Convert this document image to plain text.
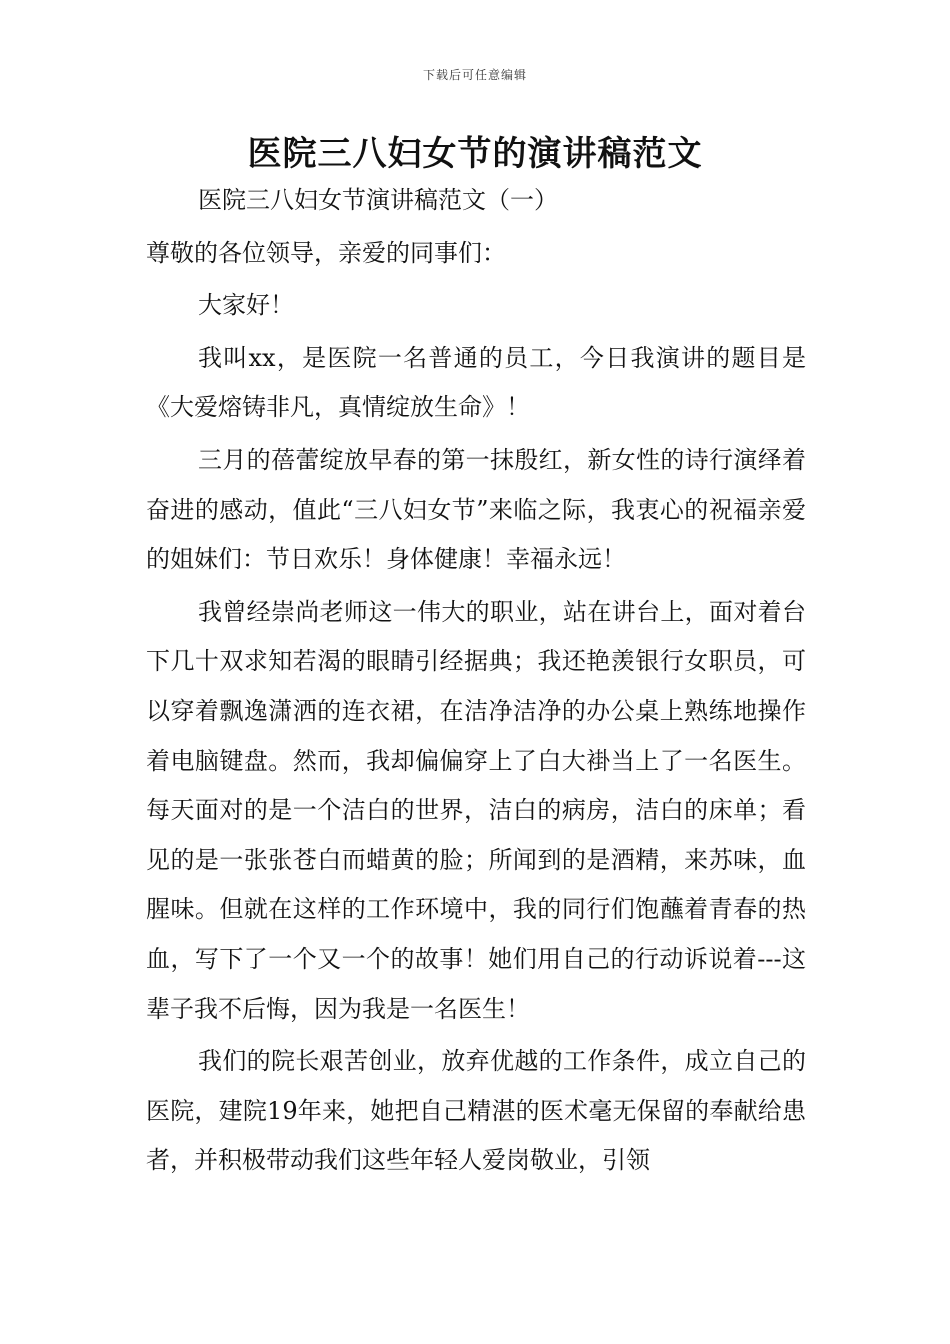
下载后可任意编辑
医院三八妇女节的演讲稿范文

医院三八妇女节演讲稿范文（一）

尊敬的各位领导，亲爱的同事们：

大家好！

我叫xx，是医院一名普通的员工，今日我演讲的题目是《大爱熔铸非凡，真情绽放生命》！

三月的蓓蕾绽放早春的第一抹殷红，新女性的诗行演绎着奋进的感动，值此“三八妇女节”来临之际，我衷心的祝福亲爱的姐妹们：节日欢乐！身体健康！幸福永远！

我曾经崇尚老师这一伟大的职业，站在讲台上，面对着台下几十双求知若渴的眼睛引经据典；我还艳羡银行女职员，可以穿着飘逸潇洒的连衣裙，在洁净洁净的办公桌上熟练地操作着电脑键盘。然而，我却偏偏穿上了白大褂当上了一名医生。每天面对的是一个洁白的世界，洁白的病房，洁白的床单；看见的是一张张苍白而蜡黄的脸；所闻到的是酒精，来苏味，血腥味。但就在这样的工作环境中，我的同行们饱蘸着青春的热血，写下了一个又一个的故事！她们用自己的行动诉说着---这辈子我不后悔，因为我是一名医生！

我们的院长艰苦创业，放弃优越的工作条件，成立自己的医院，建院19年来，她把自己精湛的医术毫无保留的奉献给患者，并积极带动我们这些年轻人爱岗敬业，引领
